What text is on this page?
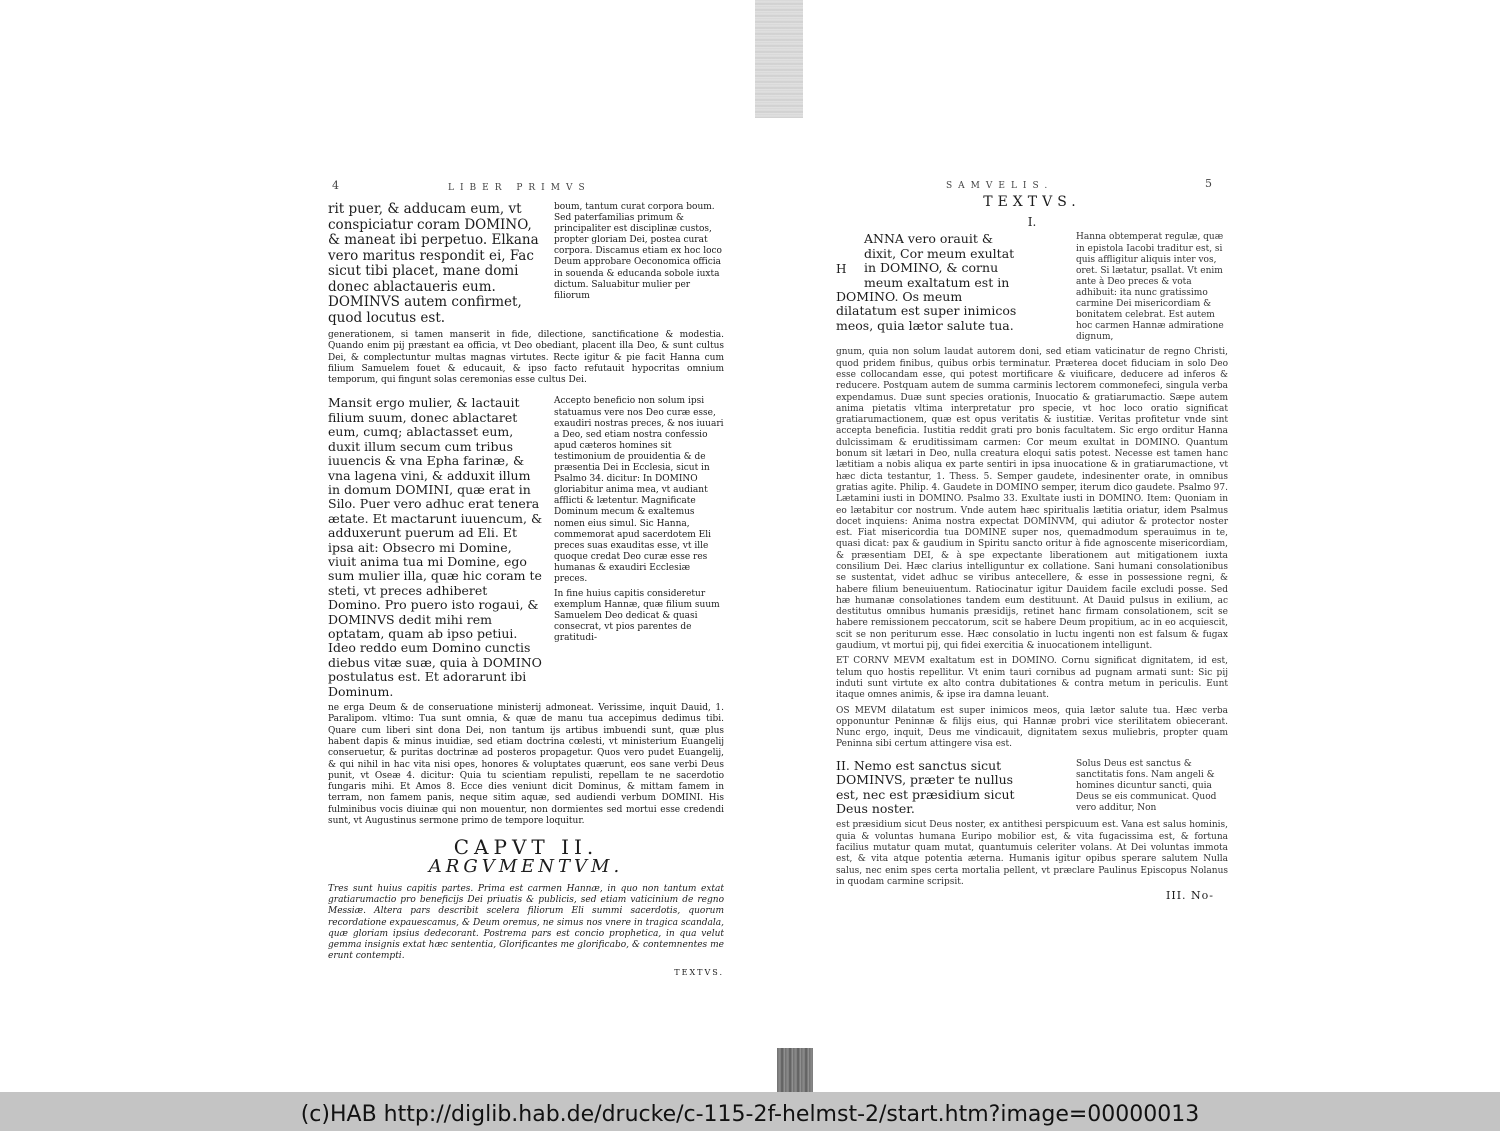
4	LIBER PRIMVS
rit puer, & adducam eum, vt conspiciatur coram DOMINO, & maneat ibi perpetuo. Elkana vero maritus respondit ei, Fac sicut tibi placet, mane domi donec ablactaueris eum. DOMINVS autem confirmet, quod locutus est.
boum, tantum curat corpora boum. Sed paterfamilias primum & principaliter est disciplinæ custos, propter gloriam Dei, postea curat corpora. Discamus etiam ex hoc loco Deum approbare Oeconomica officia in souenda & educanda sobole iuxta dictum. Saluabitur mulier per filiorum
generationem, si tamen manserit in fide, dilectione, sanctificatione & modestia. Quando enim pij præstant ea officia, vt Deo obediant, placent illa Deo, & sunt cultus Dei, & complectuntur multas magnas virtutes. Recte igitur & pie facit Hanna cum filium Samuelem fouet & educauit, & ipso facto refutauit hypocritas omnium temporum, qui fingunt solas ceremonias esse cultus Dei.
Mansit ergo mulier, & lactauit filium suum, donec ablactaret eum, cumq; ablactasset eum, duxit illum secum cum tribus iuuencis & vna Epha farinæ, & vna lagena vini, & adduxit illum in domum DOMINI, quæ erat in Silo. Puer vero adhuc erat tenera ætate. Et mactarunt iuuencum, & adduxerunt puerum ad Eli. Et ipsa ait: Obsecro mi Domine, viuit anima tua mi Domine, ego sum mulier illa, quæ hic coram te steti, vt preces adhiberet Domino. Pro puero isto rogaui, & DOMINVS dedit mihi rem optatam, quam ab ipso petiui. Ideo reddo eum Domino cunctis diebus vitæ suæ, quia à DOMINO postulatus est. Et adorarunt ibi Dominum.
Accepto beneficio non solum ipsi statuamus vere nos Deo curæ esse, exaudiri nostras preces, & nos iuuari a Deo, sed etiam nostra confessio apud cæteros homines sit testimonium de prouidentia & de præsentia Dei in Ecclesia, sicut in Psalmo 34. dicitur: In DOMINO gloriabitur anima mea, vt audiant afflicti & lætentur. Magnificate Dominum mecum & exaltemus nomen eius simul. Sic Hanna, commemorat apud sacerdotem Eli preces suas exauditas esse, vt ille quoque credat Deo curæ esse res humanas & exaudiri Ecclesiæ preces.
In fine huius capitis consideretur exemplum Hannæ, quæ filium suum Samuelem Deo dedicat & quasi consecrat, vt pios parentes de gratitudi-
ne erga Deum & de conseruatione ministerij admoneat. Verissime, inquit Dauid, 1. Paralipom. vltimo: Tua sunt omnia, & quæ de manu tua accepimus dedimus tibi. Quare cum liberi sint dona Dei, non tantum ijs artibus imbuendi sunt, quæ plus habent dapis & minus inuidiæ, sed etiam doctrina cœlesti, vt ministerium Euangelij conseruetur, & puritas doctrinæ ad posteros propagetur. Quos vero pudet Euangelij, & qui nihil in hac vita nisi opes, honores & voluptates quærunt, eos sane verbi Deus punit, vt Oseæ 4. dicitur: Quia tu scientiam repulisti, repellam te ne sacerdotio fungaris mihi. Et Amos 8. Ecce dies veniunt dicit Dominus, & mittam famem in terram, non famem panis, neque sitim aquæ, sed audiendi verbum DOMINI. His fulminibus vocis diuinæ qui non mouentur, non dormientes sed mortui esse credendi sunt, vt Augustinus sermone primo de tempore loquitur.
CAPVT II.
ARGVMENTVM.
Tres sunt huius capitis partes. Prima est carmen Hannæ, in quo non tantum extat gratiarumactio pro beneficijs Dei priuatis & publicis, sed etiam vaticinium de regno Messiæ. Altera pars describit scelera filiorum Eli summi sacerdotis, quorum recordatione expauescamus, & Deum oremus, ne simus nos vnere in tragica scandala, quæ gloriam ipsius dedecorant. Postrema pars est concio prophetica, in qua velut gemma insignis extat hæc sententia, Glorificantes me glorificabo, & contemnentes me erunt contempti.
TEXTVS.
SAMVELIS.	5
TEXTVS.
I.
H
ANNA vero orauit & dixit, Cor meum exultat in DOMINO, & cornu meum exaltatum est in DOMINO. Os meum dilatatum est super inimicos meos, quia lætor salute tua.
Hanna obtemperat regulæ, quæ in epistola Iacobi traditur est, si quis affligitur aliquis inter vos, oret. Si lætatur, psallat. Vt enim ante à Deo preces & vota adhibuit: ita nunc gratissimo carmine Dei misericordiam & bonitatem celebrat. Est autem hoc carmen Hannæ admiratione dignum,
gnum, quia non solum laudat autorem doni, sed etiam vaticinatur de regno Christi, quod pridem finibus, quibus orbis terminatur. Præterea docet fiduciam in solo Deo esse collocandam esse, qui potest mortificare & viuificare, deducere ad inferos & reducere. Postquam autem de summa carminis lectorem commonefeci, singula verba expendamus. Duæ sunt species orationis, Inuocatio & gratiarumactio. Sæpe autem anima pietatis vltima interpretatur pro specie, vt hoc loco oratio significat gratiarumactionem, quæ est opus veritatis & iustitiæ. Veritas profitetur vnde sint accepta beneficia. Iustitia reddit grati pro bonis facultatem. Sic ergo orditur Hanna dulcissimam & eruditissimam carmen: Cor meum exultat in DOMINO. Quantum bonum sit lætari in Deo, nulla creatura eloqui satis potest. Necesse est tamen hanc lætitiam a nobis aliqua ex parte sentiri in ipsa inuocatione & in gratiarumactione, vt hæc dicta testantur, 1. Thess. 5. Semper gaudete, indesinenter orate, in omnibus gratias agite. Philip. 4. Gaudete in DOMINO semper, iterum dico gaudete. Psalmo 97. Lætamini iusti in DOMINO. Psalmo 33. Exultate iusti in DOMINO. Item: Quoniam in eo lætabitur cor nostrum. Vnde autem hæc spiritualis lætitia oriatur, idem Psalmus docet inquiens: Anima nostra expectat DOMINVM, qui adiutor & protector noster est. Fiat misericordia tua DOMINE super nos, quemadmodum sperauimus in te, quasi dicat: pax & gaudium in Spiritu sancto oritur à fide agnoscente misericordiam, & præsentiam DEI, & à spe expectante liberationem aut mitigationem iuxta consilium Dei. Hæc clarius intelliguntur ex collatione. Sani humani consolationibus se sustentat, videt adhuc se viribus antecellere, & esse in possessione regni, & habere filium beneuiuentum. Ratiocinatur igitur Dauidem facile excludi posse. Sed hæ humanæ consolationes tandem eum destituunt. At Dauid pulsus in exilium, ac destitutus omnibus humanis præsidijs, retinet hanc firmam consolationem, scit se habere remissionem peccatorum, scit se habere Deum propitium, ac in eo acquiescit, scit se non periturum esse. Hæc consolatio in luctu ingenti non est falsum & fugax gaudium, vt mortui pij, qui fidei exercitia & inuocationem intelligunt.
ET CORNV MEVM exaltatum est in DOMINO. Cornu significat dignitatem, id est, telum quo hostis repellitur. Vt enim tauri cornibus ad pugnam armati sunt: Sic pij induti sunt virtute ex alto contra dubitationes & contra metum in periculis. Eunt itaque omnes animis, & ipse ira damna leuant.
OS MEVM dilatatum est super inimicos meos, quia lætor salute tua. Hæc verba opponuntur Peninnæ & filijs eius, qui Hannæ probri vice sterilitatem obiecerant. Nunc ergo, inquit, Deus me vindicauit, dignitatem sexus muliebris, propter quam Peninna sibi certum attingere visa est.
II. Nemo est sanctus sicut DOMINVS, præter te nullus est, nec est præsidium sicut Deus noster.
Solus Deus est sanctus & sanctitatis fons. Nam angeli & homines dicuntur sancti, quia Deus se eis communicat. Quod vero additur, Non
est præsidium sicut Deus noster, ex antithesi perspicuum est. Vana est salus hominis, quia & voluntas humana Euripo mobilior est, & vita fugacissima est, & fortuna facilius mutatur quam mutat, quantumuis celeriter volans. At Dei voluntas immota est, & vita atque potentia æterna. Humanis igitur opibus sperare salutem Nulla salus, nec enim spes certa mortalia pellent, vt præclare Paulinus Episcopus Nolanus in quodam carmine scripsit.
III. No-
(c)HAB http://diglib.hab.de/drucke/c-115-2f-helmst-2/start.htm?image=00000013
